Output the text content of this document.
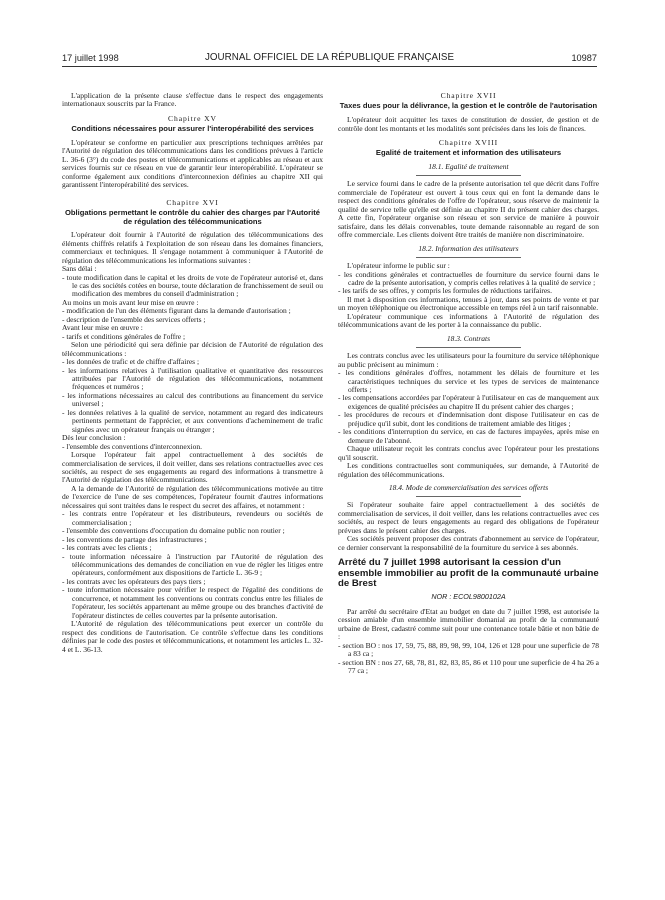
17 juillet 1998	JOURNAL OFFICIEL DE LA RÉPUBLIQUE FRANÇAISE	10987

L'application de la présente clause s'effectue dans le respect des engagements internationaux souscrits par la France.

Chapitre XV
Conditions nécessaires pour assurer l'interopérabilité des services

L'opérateur se conforme en particulier aux prescriptions techniques arrêtées par l'Autorité de régulation des télécommunications dans les conditions prévues à l'article L. 36-6 (3°) du code des postes et télécommunications et applicables au réseau et aux services fournis sur ce réseau en vue de garantir leur interopérabilité. L'opérateur se conforme également aux conditions d'interconnexion définies au chapitre XII qui garantissent l'interopérabilité des services.

Chapitre XVI
Obligations permettant le contrôle du cahier des charges par l'Autorité de régulation des télécommunications

L'opérateur doit fournir à l'Autorité de régulation des télécommunications des éléments chiffrés relatifs à l'exploitation de son réseau dans les domaines financiers, commerciaux et techniques. Il s'engage notamment à communiquer à l'Autorité de régulation des télécommunications les informations suivantes :

Sans délai :

- toute modification dans le capital et les droits de vote de l'opérateur autorisé et, dans le cas des sociétés cotées en bourse, toute déclaration de franchissement de seuil ou modification des membres du conseil d'administration ;

Au moins un mois avant leur mise en œuvre :

- modification de l'un des éléments figurant dans la demande d'autorisation ;
- description de l'ensemble des services offerts ;

Avant leur mise en œuvre :

- tarifs et conditions générales de l'offre ;

Selon une périodicité qui sera définie par décision de l'Autorité de régulation des télécommunications :

- les données de trafic et de chiffre d'affaires ;
- les informations relatives à l'utilisation qualitative et quantitative des ressources attribuées par l'Autorité de régulation des télécommunications, notamment fréquences et numéros ;
- les informations nécessaires au calcul des contributions au financement du service universel ;
- les données relatives à la qualité de service, notamment au regard des indicateurs pertinents permettant de l'apprécier, et aux conventions d'acheminement de trafic signées avec un opérateur français ou étranger ;

Dès leur conclusion :

- l'ensemble des conventions d'interconnexion.

Lorsque l'opérateur fait appel contractuellement à des sociétés de commercialisation de services, il doit veiller, dans ses relations contractuelles avec ces sociétés, au respect de ses engagements au regard des informations à transmettre à l'Autorité de régulation des télécommunications.

A la demande de l'Autorité de régulation des télécommunications motivée au titre de l'exercice de l'une de ses compétences, l'opérateur fournit d'autres informations nécessaires qui sont traitées dans le respect du secret des affaires, et notamment :

- les contrats entre l'opérateur et les distributeurs, revendeurs ou sociétés de commercialisation ;
- l'ensemble des conventions d'occupation du domaine public non routier ;
- les conventions de partage des infrastructures ;
- les contrats avec les clients ;
- toute information nécessaire à l'instruction par l'Autorité de régulation des télécommunications des demandes de conciliation en vue de régler les litiges entre opérateurs, conformément aux dispositions de l'article L. 36-9 ;
- les contrats avec les opérateurs des pays tiers ;
- toute information nécessaire pour vérifier le respect de l'égalité des conditions de concurrence, et notamment les conventions ou contrats conclus entre les filiales de l'opérateur, les sociétés appartenant au même groupe ou des branches d'activité de l'opérateur distinctes de celles couvertes par la présente autorisation.

L'Autorité de régulation des télécommunications peut exercer un contrôle du respect des conditions de l'autorisation. Ce contrôle s'effectue dans les conditions définies par le code des postes et télécommunications, et notamment les articles L. 32-4 et L. 36-13.

Chapitre XVII
Taxes dues pour la délivrance, la gestion et le contrôle de l'autorisation

L'opérateur doit acquitter les taxes de constitution de dossier, de gestion et de contrôle dont les montants et les modalités sont précisées dans les lois de finances.

Chapitre XVIII
Egalité de traitement et information des utilisateurs
18.1. Egalité de traitement

Le service fourni dans le cadre de la présente autorisation tel que décrit dans l'offre commerciale de l'opérateur est ouvert à tous ceux qui en font la demande dans le respect des conditions générales de l'offre de l'opérateur, sous réserve de maintenir la qualité de service telle qu'elle est définie au chapitre II du présent cahier des charges. A cette fin, l'opérateur organise son réseau et son service de manière à pouvoir satisfaire, dans les délais convenables, toute demande raisonnable au regard de son offre commerciale. Les clients doivent être traités de manière non discriminatoire.

18.2. Information des utilisateurs

L'opérateur informe le public sur :

- les conditions générales et contractuelles de fourniture du service fourni dans le cadre de la présente autorisation, y compris celles relatives à la qualité de service ;
- les tarifs de ses offres, y compris les formules de réductions tarifaires.

Il met à disposition ces informations, tenues à jour, dans ses points de vente et par un moyen téléphonique ou électronique accessible en temps réel à un tarif raisonnable.

L'opérateur communique ces informations à l'Autorité de régulation des télécommunications avant de les porter à la connaissance du public.

18.3. Contrats

Les contrats conclus avec les utilisateurs pour la fourniture du service téléphonique au public précisent au minimum :

- les conditions générales d'offres, notamment les délais de fourniture et les caractéristiques techniques du service et les types de services de maintenance offerts ;
- les compensations accordées par l'opérateur à l'utilisateur en cas de manquement aux exigences de qualité précisées au chapitre II du présent cahier des charges ;
- les procédures de recours et d'indemnisation dont dispose l'utilisateur en cas de préjudice qu'il subit, dont les conditions de traitement amiable des litiges ;
- les conditions d'interruption du service, en cas de factures impayées, après mise en demeure de l'abonné.

Chaque utilisateur reçoit les contrats conclus avec l'opérateur pour les prestations qu'il souscrit.

Les conditions contractuelles sont communiquées, sur demande, à l'Autorité de régulation des télécommunications.

18.4. Mode de commercialisation des services offerts

Si l'opérateur souhaite faire appel contractuellement à des sociétés de commercialisation de services, il doit veiller, dans les relations contractuelles avec ces sociétés, au respect de leurs engagements au regard des obligations de l'opérateur prévues dans le présent cahier des charges.

Ces sociétés peuvent proposer des contrats d'abonnement au service de l'opérateur, ce dernier conservant la responsabilité de la fourniture du service à ses abonnés.

Arrêté du 7 juillet 1998 autorisant la cession d'un ensemble immobilier au profit de la communauté urbaine de Brest
NOR : ECOL9800102A

Par arrêté du secrétaire d'Etat au budget en date du 7 juillet 1998, est autorisée la cession amiable d'un ensemble immobilier domanial au profit de la communauté urbaine de Brest, cadastré comme suit pour une contenance totale bâtie et non bâtie de :

- section BO : nos 17, 59, 75, 88, 89, 98, 99, 104, 126 et 128 pour une superficie de 78 a 83 ca ;
- section BN : nos 27, 68, 78, 81, 82, 83, 85, 86 et 110 pour une superficie de 4 ha 26 a 77 ca ;
